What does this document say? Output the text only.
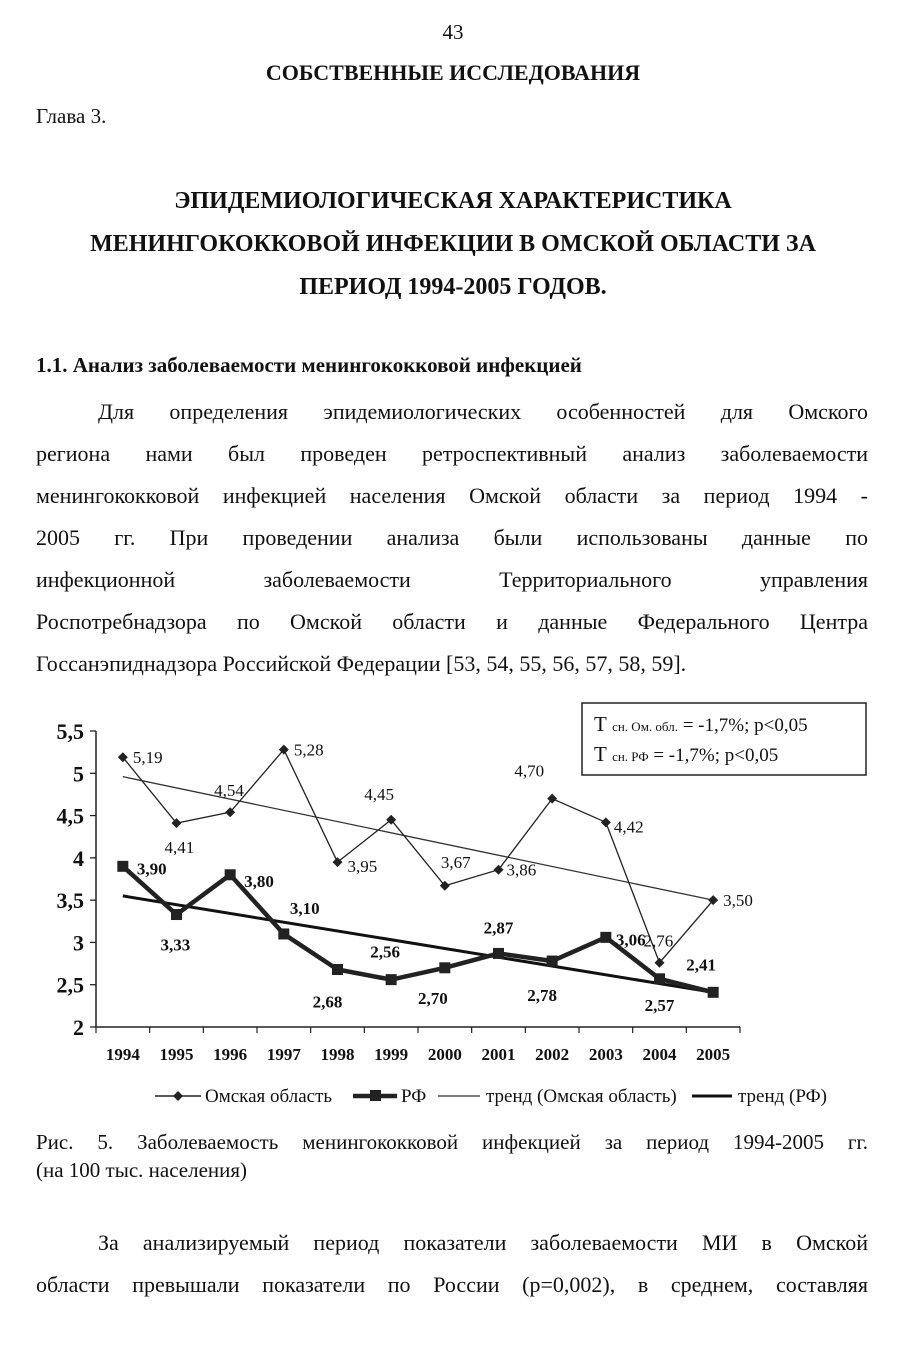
43
СОБСТВЕННЫЕ ИССЛЕДОВАНИЯ
Глава 3.
ЭПИДЕМИОЛОГИЧЕСКАЯ ХАРАКТЕРИСТИКА
МЕНИНГОКОККОВОЙ ИНФЕКЦИИ В ОМСКОЙ ОБЛАСТИ ЗА
ПЕРИОД 1994-2005 ГОДОВ.
1.1. Анализ заболеваемости менингококковой инфекцией
Для определения эпидемиологических особенностей для Омского
региона нами был проведен ретроспективный анализ заболеваемости
менингококковой инфекцией населения Омской области за период 1994 -
2005 гг. При проведении анализа были использованы данные по
инфекционной заболеваемости Территориального управления
Роспотребнадзора по Омской области и данные Федерального Центра
Госсанэпиднадзора Российской Федерации [53, 54, 55, 56, 57, 58, 59].
2
2,5
3
3,5
4
4,5
5
5,5
1994 1995 1996 1997 1998 1999 2000 2001 2002 2003 2004 2005
5,19
4,41
4,54
5,28
3,95
4,45
3,67 3,86
4,70
4,42
2,76
3,50
3,90
3,33
3,80
3,10
2,68
2,56
2,70
2,87
2,78
3,06
2,57
2,41
Т сн. Ом. обл. = -1,7%; p<0,05
Т сн. РФ = -1,7%; p<0,05
Омская область	РФ	тренд (Омская область)	тренд (РФ)
Рис. 5. Заболеваемость менингококковой инфекцией за период 1994-2005 гг.
(на 100 тыс. населения)
За анализируемый период показатели заболеваемости МИ в Омской
области превышали показатели по России (р=0,002), в среднем, составляя
